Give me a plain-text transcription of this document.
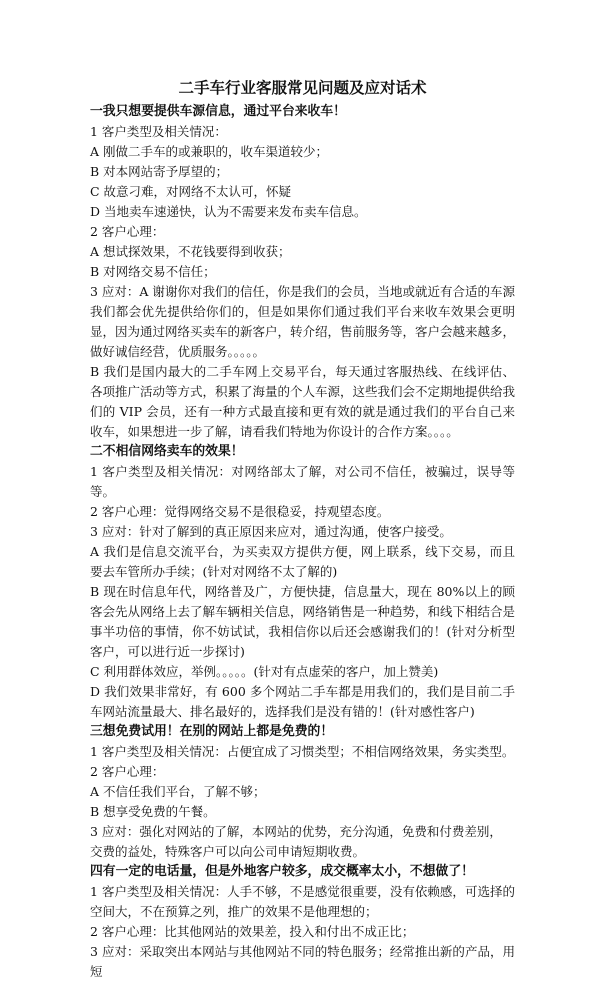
二手车行业客服常见问题及应对话术
一我只想要提供车源信息，通过平台来收车！

1 客户类型及相关情况：

A 刚做二手车的或兼职的，收车渠道较少；

B 对本网站寄予厚望的；

C 故意刁难，对网络不太认可，怀疑

D 当地卖车速递快，认为不需要来发布卖车信息。

2 客户心理：

A 想试探效果，不花钱要得到收获；

B 对网络交易不信任；

3 应对：A 谢谢你对我们的信任，你是我们的会员，当地或就近有合适的车源我们都会优先提供给你们的，但是如果你们通过我们平台来收车效果会更明显，因为通过网络买卖车的新客户，转介绍，售前服务等，客户会越来越多，做好诚信经营，优质服务。。。。。

B 我们是国内最大的二手车网上交易平台，每天通过客服热线、在线评估、各项推广活动等方式，积累了海量的个人车源，这些我们会不定期地提供给我们的 VIP 会员，还有一种方式最直接和更有效的就是通过我们的平台自己来收车，如果想进一步了解，请看我们特地为你设计的合作方案。。。。

二不相信网络卖车的效果！

1 客户类型及相关情况：对网络部太了解，对公司不信任，被骗过，误导等等。

2 客户心理：觉得网络交易不是很稳妥，持观望态度。

3 应对：针对了解到的真正原因来应对，通过沟通，使客户接受。

A 我们是信息交流平台，为买卖双方提供方便，网上联系，线下交易，而且要去车管所办手续；(针对对网络不太了解的)

B 现在时信息年代，网络普及广，方便快捷，信息量大，现在 80%以上的顾客会先从网络上去了解车辆相关信息，网络销售是一种趋势，和线下相结合是事半功倍的事情，你不妨试试，我相信你以后还会感谢我们的！(针对分析型客户，可以进行近一步探讨)

C 利用群体效应，举例。。。。。(针对有点虚荣的客户，加上赞美)

D 我们效果非常好，有 600 多个网站二手车都是用我们的，我们是目前二手车网站流量最大、排名最好的，选择我们是没有错的！(针对感性客户)

三想免费试用！在别的网站上都是免费的！

1 客户类型及相关情况：占便宜成了习惯类型；不相信网络效果，务实类型。

2 客户心理：

A 不信任我们平台，了解不够；

B 想享受免费的午餐。

3 应对：强化对网站的了解，本网站的优势，充分沟通，免费和付费差别，

交费的益处，特殊客户可以向公司申请短期收费。

四有一定的电话量，但是外地客户较多，成交概率太小，不想做了！

1 客户类型及相关情况：人手不够，不是感觉很重要，没有依赖感，可选择的空间大，不在预算之列，推广的效果不是他理想的；

2 客户心理：比其他网站的效果差，投入和付出不成正比；

3 应对：采取突出本网站与其他网站不同的特色服务；经常推出新的产品，用短
